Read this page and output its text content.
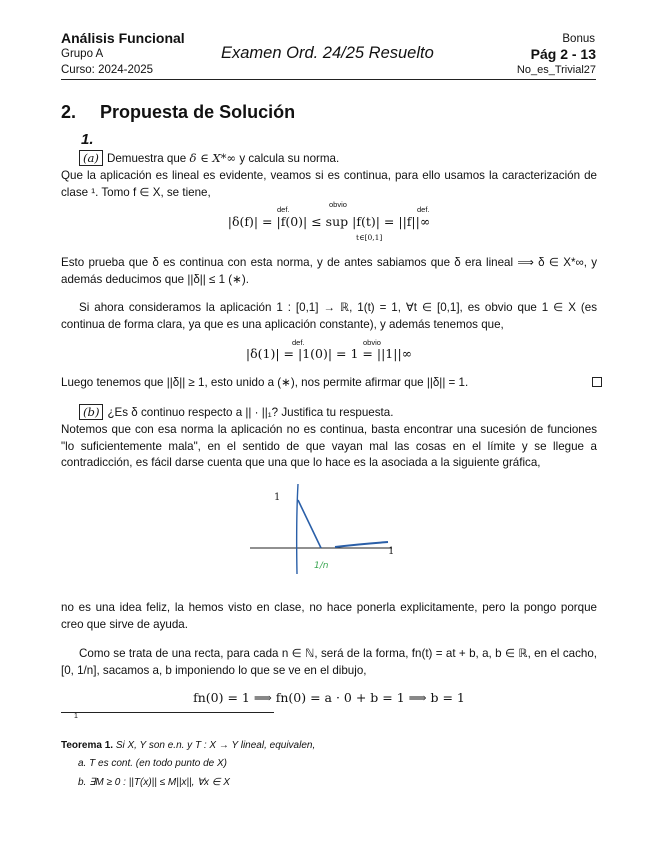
Análisis Funcional
Grupo A
Curso: 2024-2025
Examen Ord. 24/25 Resuelto
Bonus
Pág 2 - 13
No_es_Trivial27
2. Propuesta de Solución
1.
(a) Demuestra que δ ∈ X*∞ y calcula su norma.
Que la aplicación es lineal es evidente, veamos si es continua, para ello usamos la caracterización de clase ¹. Tomo f ∈ X, se tiene,
|δ(f)| = |f(0)| ≤ sup |f(t)| = ||f||∞
def.
obvio
def.
t∈[0,1]
Esto prueba que δ es continua con esta norma, y de antes sabiamos que δ era lineal ⟹ δ ∈ X*∞, y además deducimos que ||δ|| ≤ 1 (∗).
Si ahora consideramos la aplicación 1 : [0,1] → ℝ, 1(t) = 1, ∀t ∈ [0,1], es obvio que 1 ∈ X (es continua de forma clara, ya que es una aplicación constante), y además tenemos que,
|δ(1)| = |1(0)| = 1 = ||1||∞
def.	obvio
Luego tenemos que ||δ|| ≥ 1, esto unido a (∗), nos permite afirmar que ||δ|| = 1.
(b) ¿Es δ continuo respecto a || · ||₁? Justifica tu respuesta.
Notemos que con esa norma la aplicación no es continua, basta encontrar una sucesión de funciones "lo suficientemente mala", en el sentido de que vayan mal las cosas en el límite y se llegue a contradicción, es fácil darse cuenta que una que lo hace es la asociada a la siguiente gráfica,
1
1
1/n
no es una idea feliz, la hemos visto en clase, no hace ponerla explicitamente, pero la pongo porque creo que sirve de ayuda.
Como se trata de una recta, para cada n ∈ ℕ, será de la forma, fn(t) = at + b, a, b ∈ ℝ, en el cacho, [0, 1/n], sacamos a, b imponiendo lo que se ve en el dibujo,
fn(0) = 1 ⟹ fn(0) = a · 0 + b = 1 ⟹ b = 1
1
Teorema 1. Si X, Y son e.n. y T : X → Y lineal, equivalen,
a. T es cont. (en todo punto de X)
b. ∃M ≥ 0 : ||T(x)|| ≤ M||x||, ∀x ∈ X
